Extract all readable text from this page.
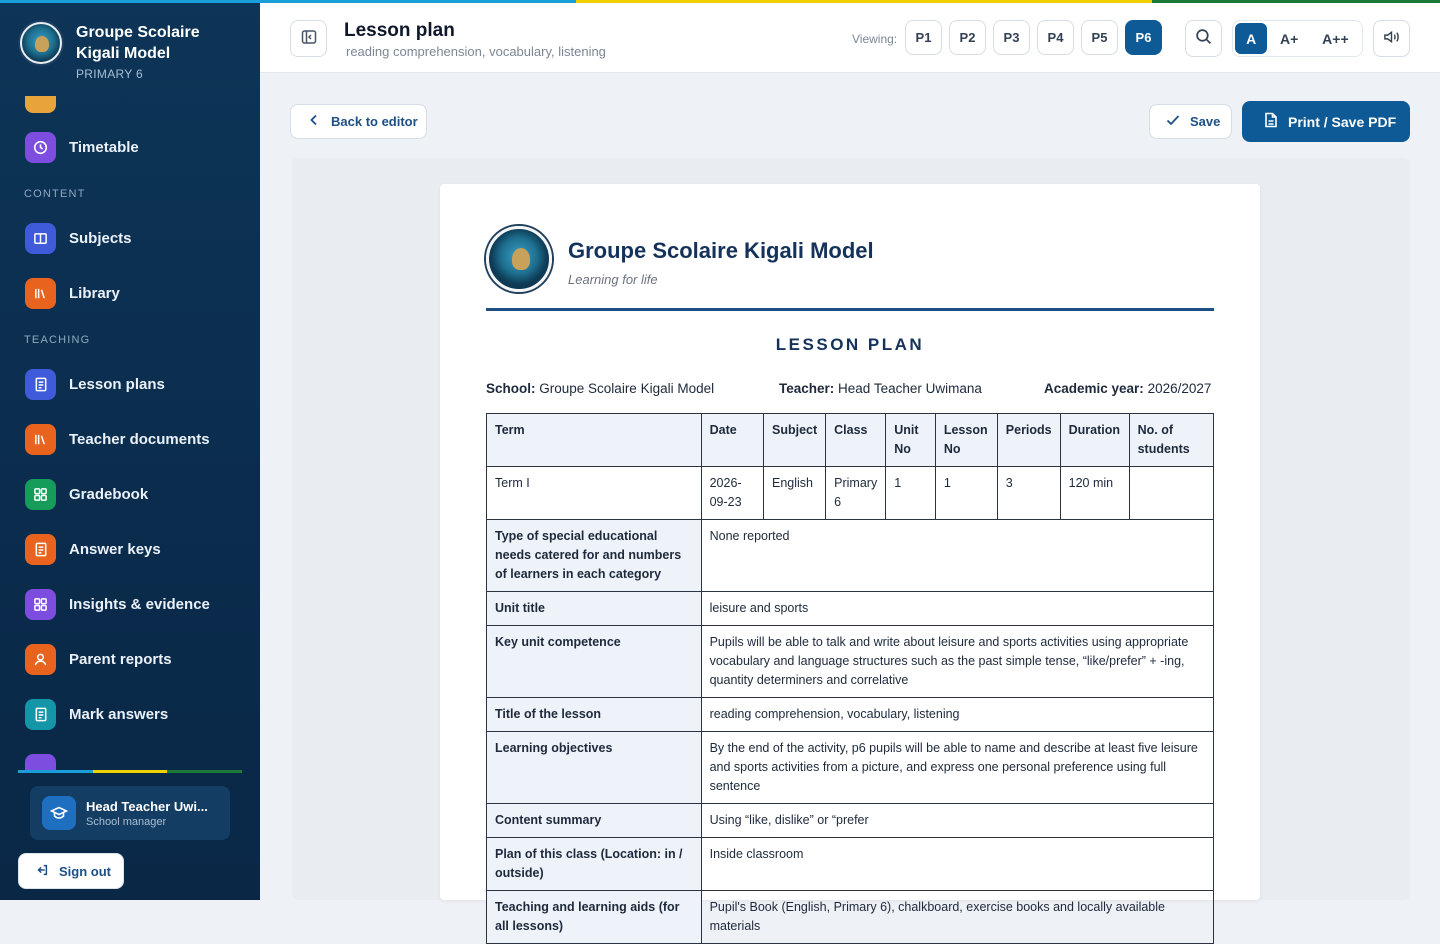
Groupe Scolaire Kigali Model
PRIMARY 6
Timetable
CONTENT
Subjects
Library
TEACHING
Lesson plans
Teacher documents
Gradebook
Answer keys
Insights & evidence
Parent reports
Mark answers
Head Teacher Uwi...
School manager
Sign out
Lesson plan
reading comprehension, vocabulary, listening
Viewing:	P1	P2	P3	P4	P5	P6	A	A+	A++
Back to editor	Save	Print / Save PDF
Groupe Scolaire Kigali Model
Learning for life
LESSON PLAN
School: Groupe Scolaire Kigali Model	Teacher: Head Teacher Uwimana	Academic year: 2026/2027
Term	Date	Subject	Class	Unit No	Lesson No	Periods	Duration	No. of students
Term I	2026-09-23	English	Primary 6	1	1	3	120 min	
Type of special educational needs catered for and numbers of learners in each category	None reported							
Unit title	leisure and sports							
Key unit competence	Pupils will be able to talk and write about leisure and sports activities using appropriate vocabulary and language structures such as the past simple tense, “like/prefer” + -ing, quantity determiners and correlative							
Title of the lesson	reading comprehension, vocabulary, listening							
Learning objectives	By the end of the activity, p6 pupils will be able to name and describe at least five leisure and sports activities from a picture, and express one personal preference using full sentence							
Content summary	Using “like, dislike” or “prefer							
Plan of this class (Location: in / outside)	Inside classroom							
Teaching and learning aids (for all lessons)	Pupil's Book (English, Primary 6), chalkboard, exercise books and locally available materials							
